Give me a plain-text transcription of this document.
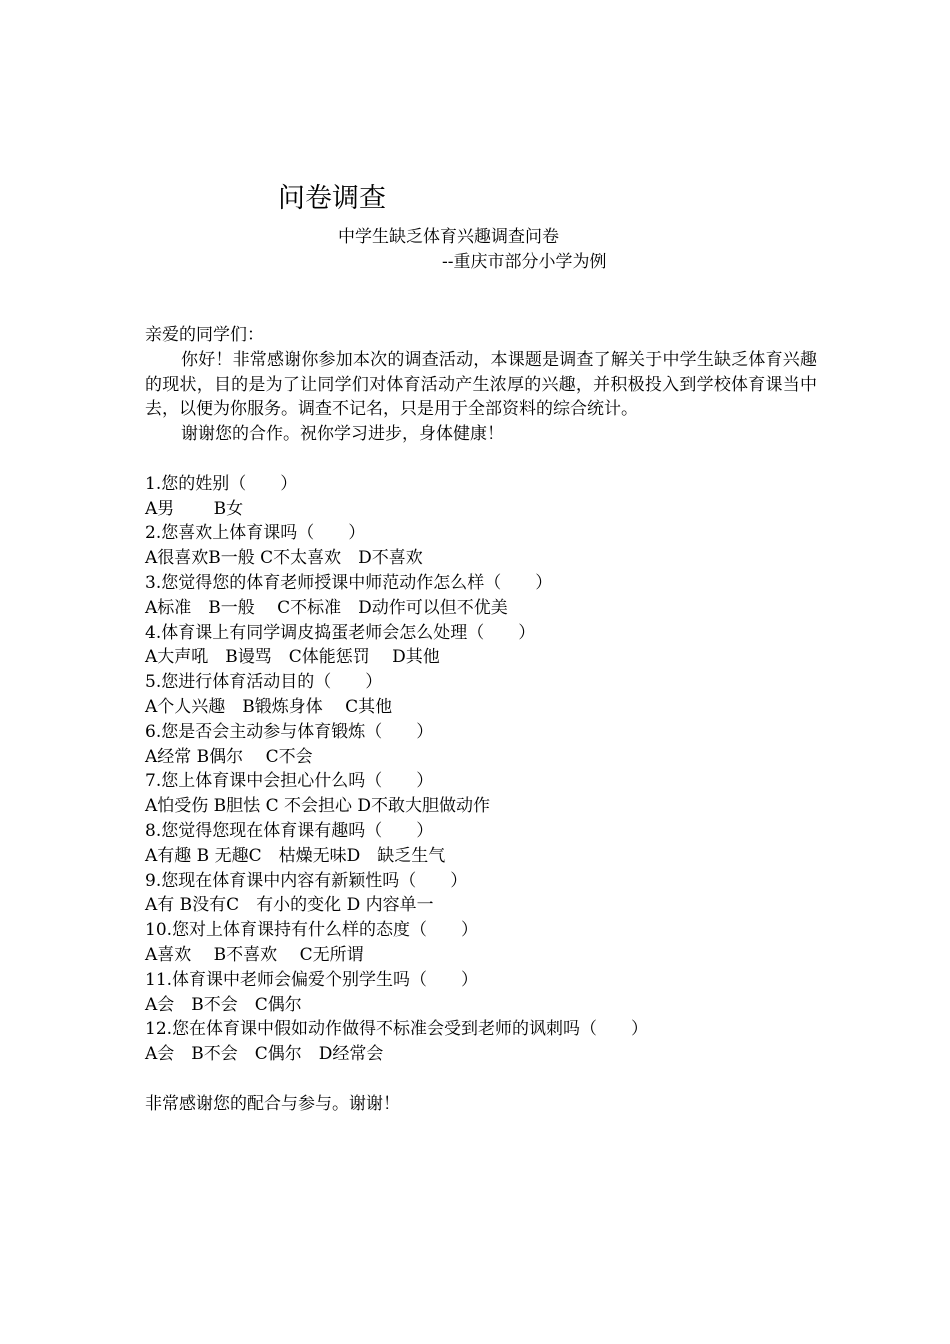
问卷调查
中学生缺乏体育兴趣调查问卷
--重庆市部分小学为例

亲爱的同学们：

你好！非常感谢你参加本次的调查活动，本课题是调查了解关于中学生缺乏体育兴趣的现状，目的是为了让同学们对体育活动产生浓厚的兴趣，并积极投入到学校体育课当中去，以便为你服务。调查不记名，只是用于全部资料的综合统计。

谢谢您的合作。祝你学习进步，身体健康！

1.您的姓别（　　）

A男　　 B女

2.您喜欢上体育课吗（　　）

A很喜欢B一般 C不太喜欢　D不喜欢

3.您觉得您的体育老师授课中师范动作怎么样（　　）

A标准　B一般　 C不标准　D动作可以但不优美

4.体育课上有同学调皮捣蛋老师会怎么处理（　　）

A大声吼　B谩骂　C体能惩罚　 D其他

5.您进行体育活动目的（　　）

A个人兴趣　B锻炼身体　 C其他

6.您是否会主动参与体育锻炼（　　）

A经常 B偶尔　 C不会

7.您上体育课中会担心什么吗（　　）

A怕受伤 B胆怯 C 不会担心 D不敢大胆做动作

8.您觉得您现在体育课有趣吗（　　）

A有趣 B 无趣C　枯燥无味D　缺乏生气

9.您现在体育课中内容有新颖性吗（　　）

A有 B没有C　有小的变化 D 内容单一

10.您对上体育课持有什么样的态度（　　）

A喜欢　 B不喜欢　 C无所谓

11.体育课中老师会偏爱个别学生吗（　　）

A会　B不会　C偶尔

12.您在体育课中假如动作做得不标准会受到老师的讽刺吗（　　）

A会　B不会　C偶尔　D经常会

非常感谢您的配合与参与。谢谢！
